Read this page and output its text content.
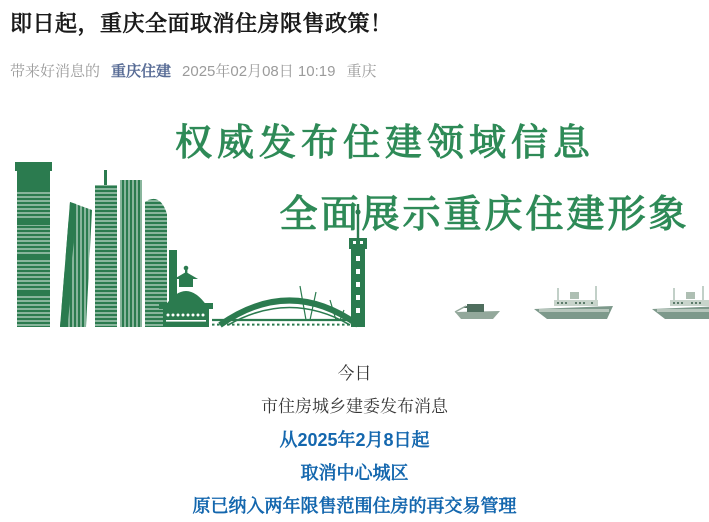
即日起，重庆全面取消住房限售政策！
带来好消息的 重庆住建 2025年02月08日 10:19 重庆
权威发布住建领域信息
全面展示重庆住建形象

今日

市住房城乡建委发布消息

从2025年2月8日起

取消中心城区

原已纳入两年限售范围住房的再交易管理
